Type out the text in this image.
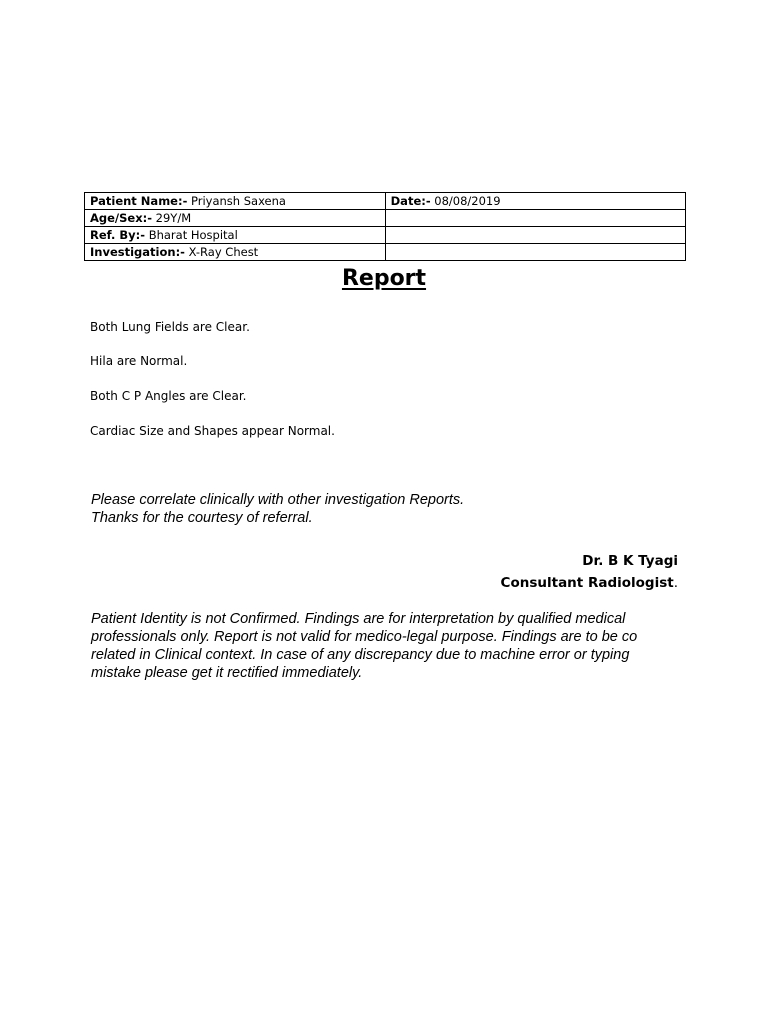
Patient Name:- Priyansh Saxena	Date:- 08/08/2019
Age/Sex:- 29Y/M	
Ref. By:- Bharat Hospital	
Investigation:- X-Ray Chest	
Report
Both Lung Fields are Clear.
Hila are Normal.
Both C P Angles are Clear.
Cardiac Size and Shapes appear Normal.
Please correlate clinically with other investigation Reports.
Thanks for the courtesy of referral.
Dr. B K Tyagi
Consultant Radiologist.
Patient Identity is not Confirmed. Findings are for interpretation by qualified medical
professionals only. Report is not valid for medico-legal purpose. Findings are to be co
related in Clinical context. In case of any discrepancy due to machine error or typing
mistake please get it rectified immediately.
